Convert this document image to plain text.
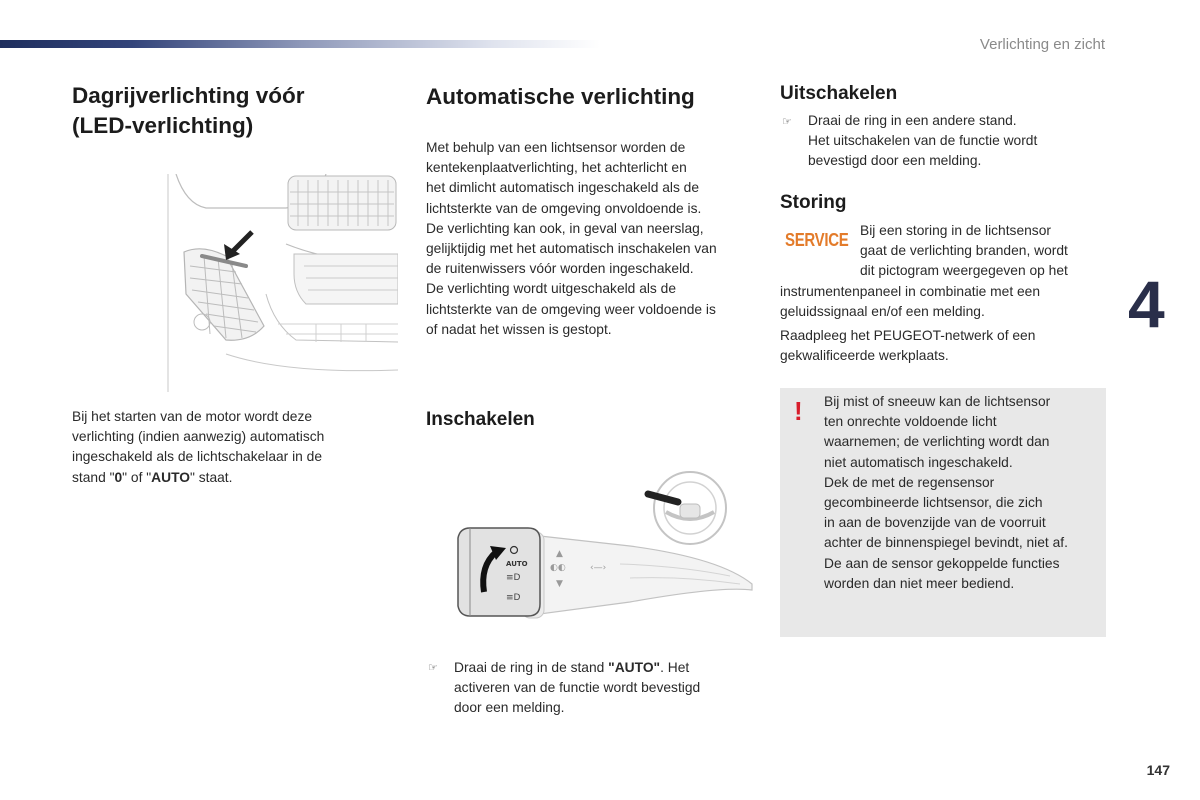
Verlichting en zicht
Dagrijverlichting vóór
(LED-verlichting)
Bij het starten van de motor wordt deze
verlichting (indien aanwezig) automatisch
ingeschakeld als de lichtschakelaar in de
stand "0" of "AUTO" staat.
Automatische verlichting
Met behulp van een lichtsensor worden de
kentekenplaatverlichting, het achterlicht en
het dimlicht automatisch ingeschakeld als de
lichtsterkte van de omgeving onvoldoende is.
De verlichting kan ook, in geval van neerslag,
gelijktijdig met het automatisch inschakelen van
de ruitenwissers vóór worden ingeschakeld.
De verlichting wordt uitgeschakeld als de
lichtsterkte van de omgeving weer voldoende is
of nadat het wissen is gestopt.
Inschakelen
▲
◐◐
▼
‹—›
AUTO
≡D
≡D
☞ Draai de ring in de stand "AUTO". Het
activeren van de functie wordt bevestigd
door een melding.
Uitschakelen
☞ Draai de ring in een andere stand.
Het uitschakelen van de functie wordt
bevestigd door een melding.
Storing
SERVICE Bij een storing in de lichtsensor
gaat de verlichting branden, wordt
dit pictogram weergegeven op het
instrumentenpaneel in combinatie met een
geluidssignaal en/of een melding.
Raadpleeg het PEUGEOT-netwerk of een
gekwalificeerde werkplaats.
! Bij mist of sneeuw kan de lichtsensor
ten onrechte voldoende licht
waarnemen; de verlichting wordt dan
niet automatisch ingeschakeld.
Dek de met de regensensor
gecombineerde lichtsensor, die zich
in aan de bovenzijde van de voorruit
achter de binnenspiegel bevindt, niet af.
De aan de sensor gekoppelde functies
worden dan niet meer bediend.
4
147
